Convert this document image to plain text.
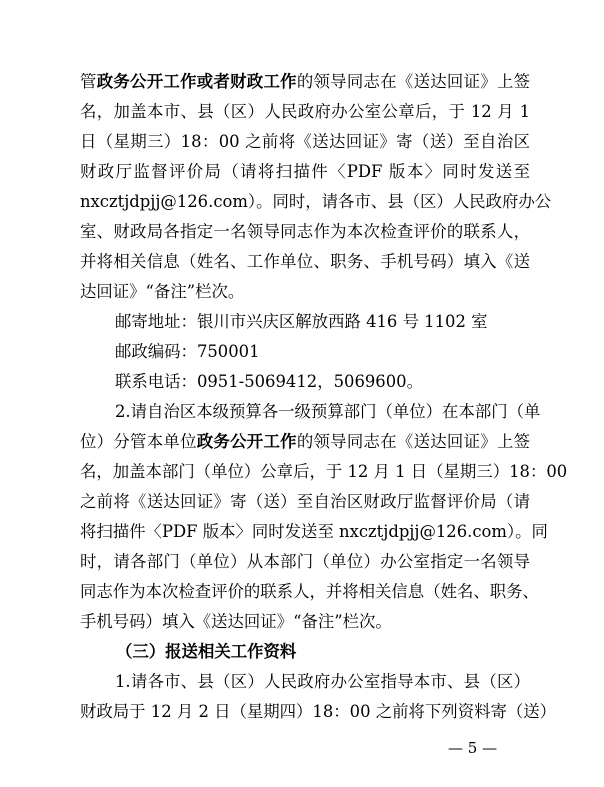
管政务公开工作或者财政工作的领导同志在《送达回证》上签
名，加盖本市、县（区）人民政府办公室公章后，于 12 月 1
日（星期三）18：00 之前将《送达回证》寄（送）至自治区
财政厅监督评价局（请将扫描件〈PDF 版本〉同时发送至
nxcztjdpjj@126.com）。同时，请各市、县（区）人民政府办公
室、财政局各指定一名领导同志作为本次检查评价的联系人，
并将相关信息（姓名、工作单位、职务、手机号码）填入《送
达回证》“备注”栏次。
邮寄地址：银川市兴庆区解放西路 416 号 1102 室
邮政编码：750001
联系电话：0951-5069412，5069600。
2.请自治区本级预算各一级预算部门（单位）在本部门（单
位）分管本单位政务公开工作的领导同志在《送达回证》上签
名，加盖本部门（单位）公章后，于 12 月 1 日（星期三）18：00
之前将《送达回证》寄（送）至自治区财政厅监督评价局（请
将扫描件〈PDF 版本〉同时发送至 nxcztjdpjj@126.com）。同
时，请各部门（单位）从本部门（单位）办公室指定一名领导
同志作为本次检查评价的联系人，并将相关信息（姓名、职务、
手机号码）填入《送达回证》“备注”栏次。
（三）报送相关工作资料
1.请各市、县（区）人民政府办公室指导本市、县（区）
财政局于 12 月 2 日（星期四）18：00 之前将下列资料寄（送）
— 5 —
